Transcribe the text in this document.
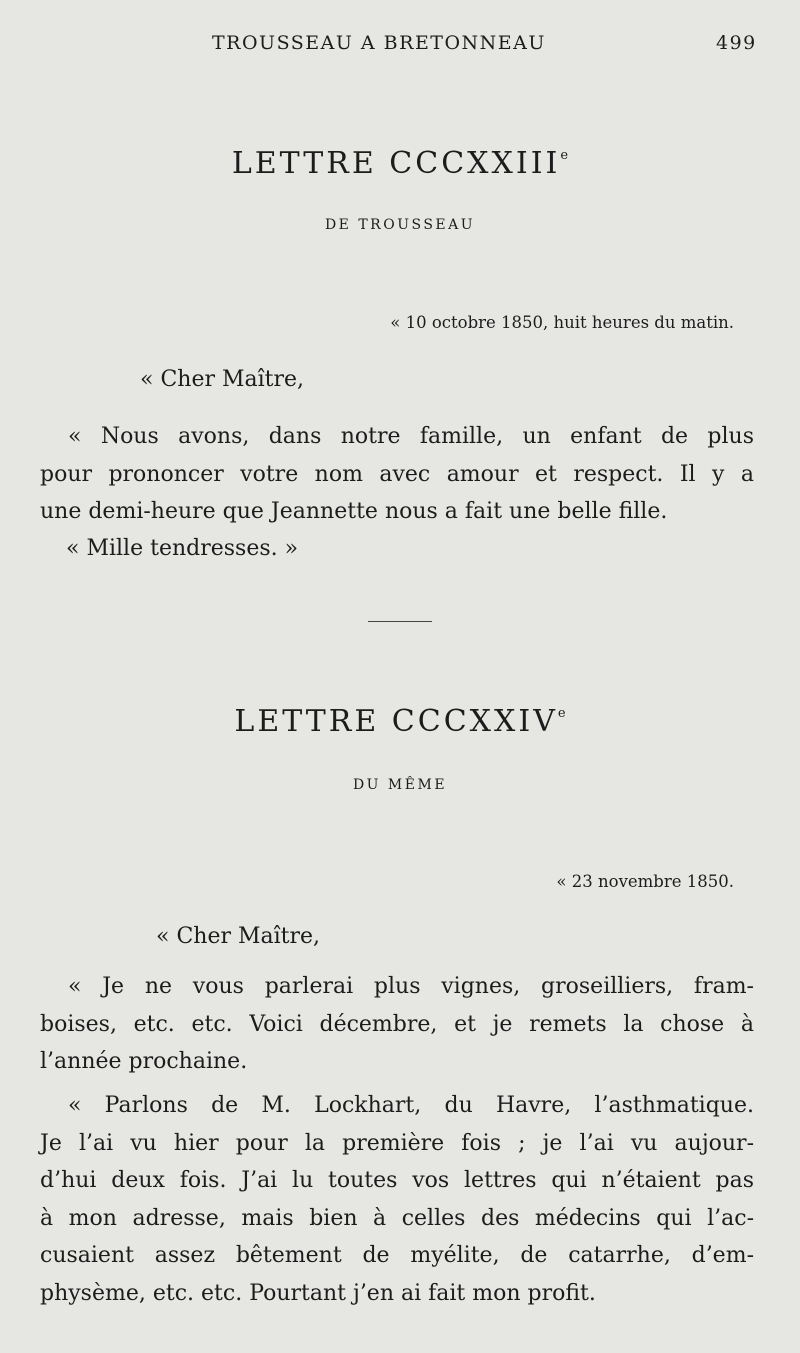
TROUSSEAU A BRETONNEAU	499
LETTRE CCCXXIIIe
DE TROUSSEAU
« 10 octobre 1850, huit heures du matin.
« Cher Maître,
« Nous avons, dans notre famille, un enfant de plus
pour prononcer votre nom avec amour et respect. Il y a
une demi-heure que Jeannette nous a fait une belle fille.
« Mille tendresses. »
LETTRE CCCXXIVe
DU MÊME
« 23 novembre 1850.
« Cher Maître,
« Je ne vous parlerai plus vignes, groseilliers, fram-
boises, etc. etc. Voici décembre, et je remets la chose à
l’année prochaine.
« Parlons de M. Lockhart, du Havre, l’asthmatique.
Je l’ai vu hier pour la première fois ; je l’ai vu aujour-
d’hui deux fois. J’ai lu toutes vos lettres qui n’étaient pas
à mon adresse, mais bien à celles des médecins qui l’ac-
cusaient assez bêtement de myélite, de catarrhe, d’em-
physème, etc. etc. Pourtant j’en ai fait mon profit.
